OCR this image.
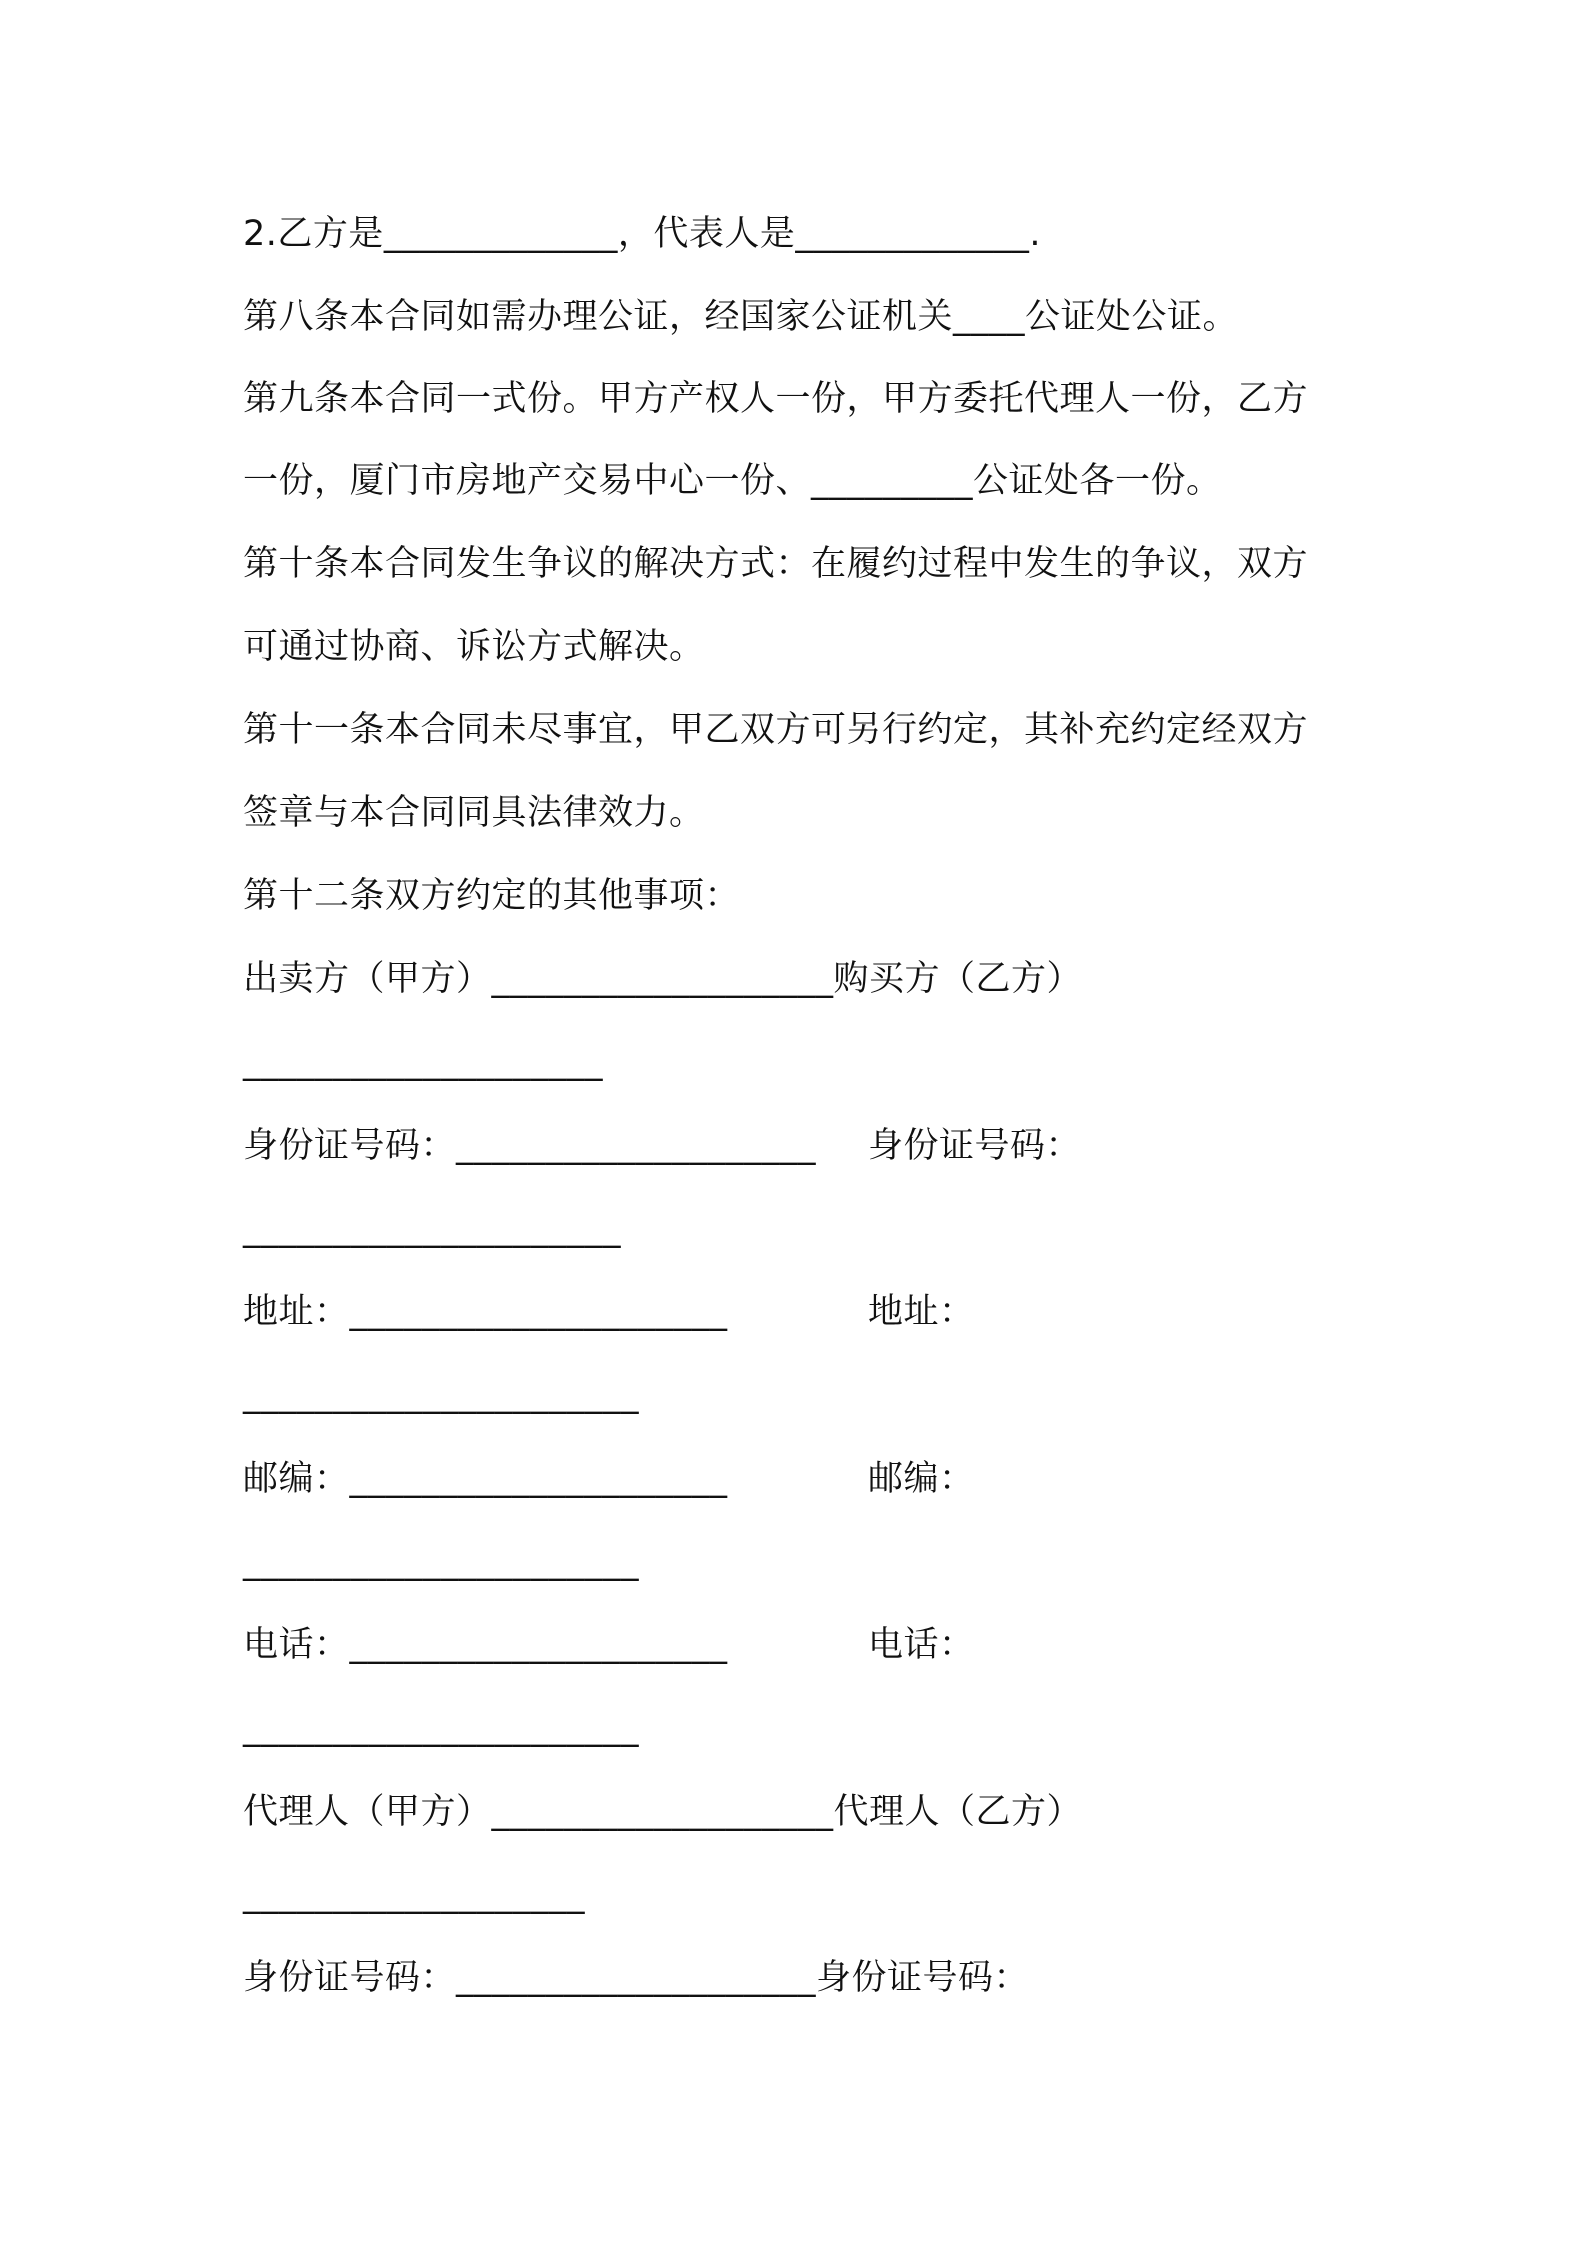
2.乙方是_____________，代表人是_____________.
第八条本合同如需办理公证，经国家公证机关____公证处公证。
第九条本合同一式份。甲方产权人一份，甲方委托代理人一份，乙方
一份，厦门市房地产交易中心一份、_________公证处各一份。
第十条本合同发生争议的解决方式：在履约过程中发生的争议，双方
可通过协商、诉讼方式解决。
第十一条本合同未尽事宜，甲乙双方可另行约定，其补充约定经双方
签章与本合同同具法律效力。
第十二条双方约定的其他事项：
出卖方（甲方）___________________购买方（乙方）
____________________
身份证号码：____________________ 身份证号码：
_____________________
地址：_____________________	地址：
______________________
邮编：_____________________	邮编：
______________________
电话：_____________________	电话：
______________________
代理人（甲方）___________________代理人（乙方）
___________________
身份证号码：____________________身份证号码：
